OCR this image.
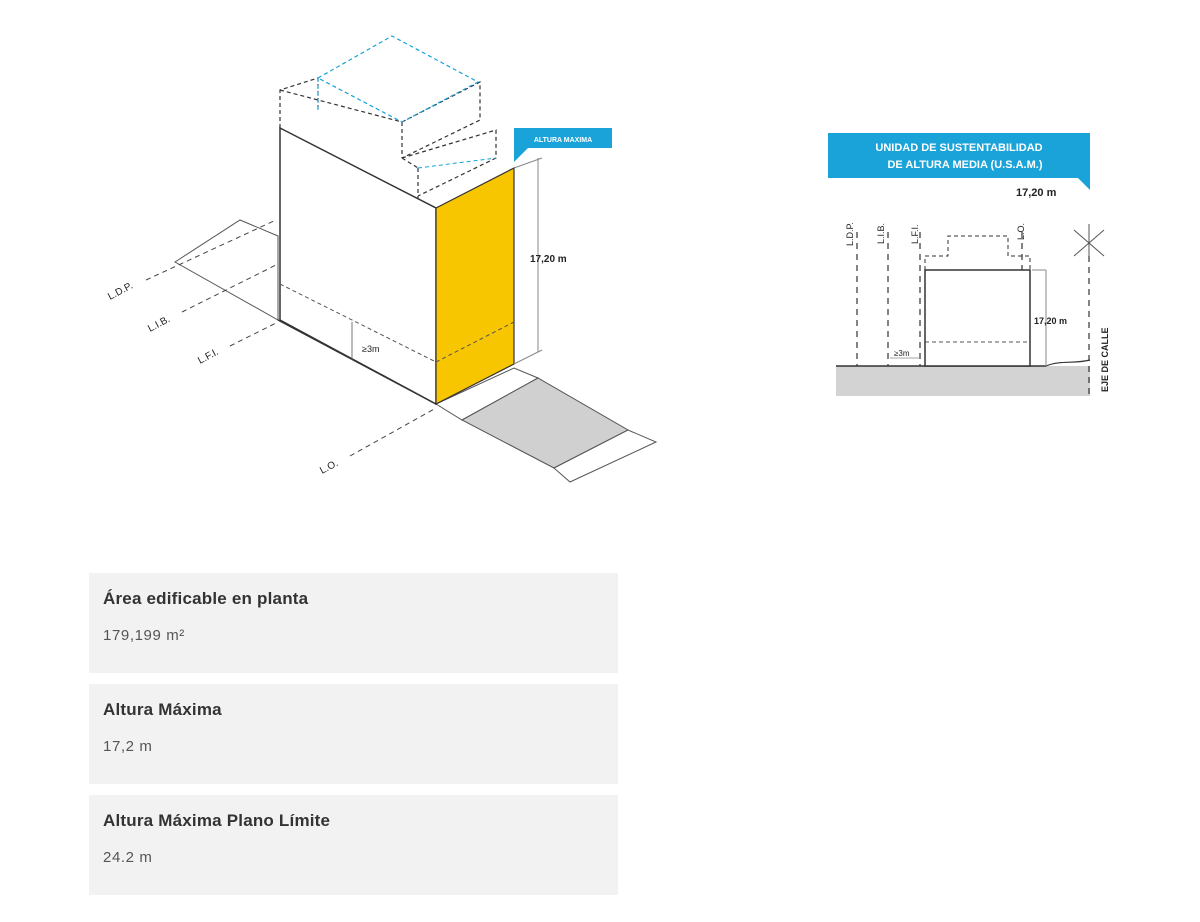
≥3m
17,20 m
ALTURA MAXIMA
L.D.P.
L.I.B.
L.F.I.
L.O.
UNIDAD DE SUSTENTABILIDAD
DE ALTURA MEDIA (U.S.A.M.)
17,20 m
L.D.P. L.I.B.	L.F.I.	L.O.
EJE DE CALLE
17,20 m
≥3m
Área edificable en planta
179,199 m²
Altura Máxima
17,2 m
Altura Máxima Plano Límite
24.2 m
